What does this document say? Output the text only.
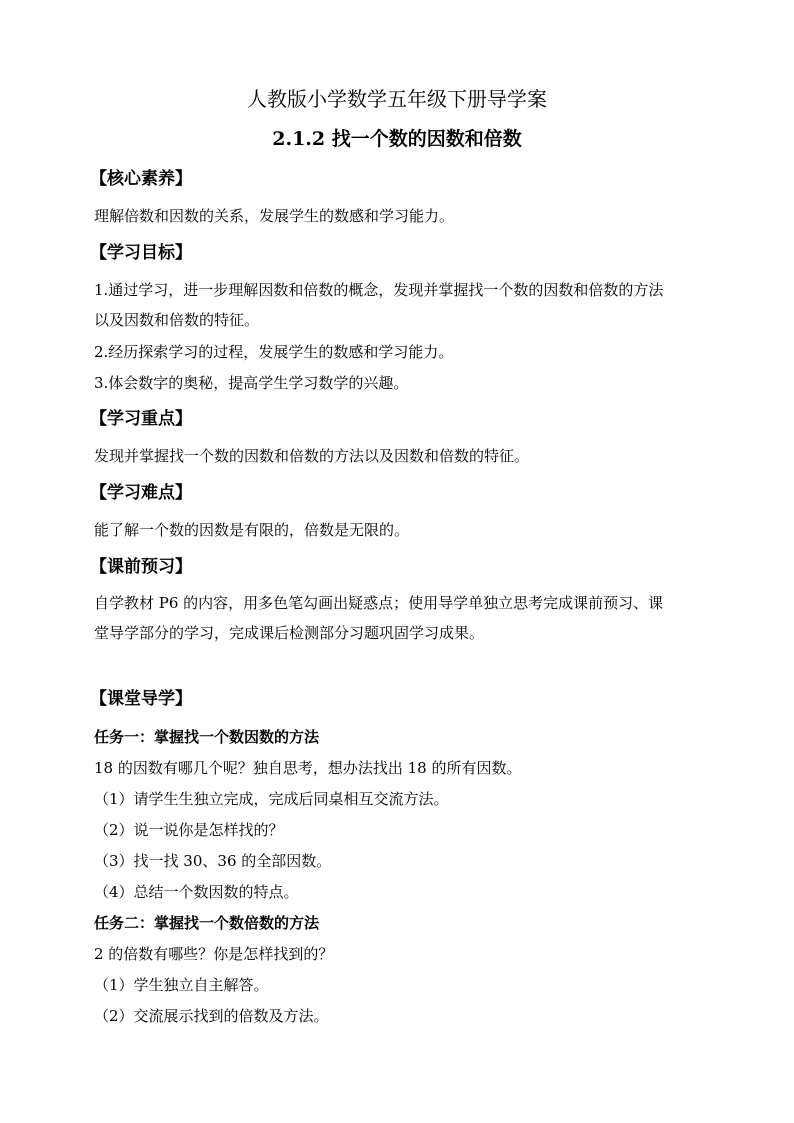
人教版小学数学五年级下册导学案
2.1.2 找一个数的因数和倍数
【核心素养】
理解倍数和因数的关系，发展学生的数感和学习能力。
【学习目标】
1.通过学习，进一步理解因数和倍数的概念，发现并掌握找一个数的因数和倍数的方法
以及因数和倍数的特征。
2.经历探索学习的过程，发展学生的数感和学习能力。
3.体会数字的奥秘，提高学生学习数学的兴趣。
【学习重点】
发现并掌握找一个数的因数和倍数的方法以及因数和倍数的特征。
【学习难点】
能了解一个数的因数是有限的，倍数是无限的。
【课前预习】
自学教材 P6 的内容，用多色笔勾画出疑惑点；使用导学单独立思考完成课前预习、课
堂导学部分的学习，完成课后检测部分习题巩固学习成果。
【课堂导学】
任务一：掌握找一个数因数的方法
18 的因数有哪几个呢？独自思考，想办法找出 18 的所有因数。
（1）请学生生独立完成，完成后同桌相互交流方法。
（2）说一说你是怎样找的？
（3）找一找 30、36 的全部因数。
（4）总结一个数因数的特点。
任务二：掌握找一个数倍数的方法
2 的倍数有哪些？你是怎样找到的？
（1）学生独立自主解答。
（2）交流展示找到的倍数及方法。
